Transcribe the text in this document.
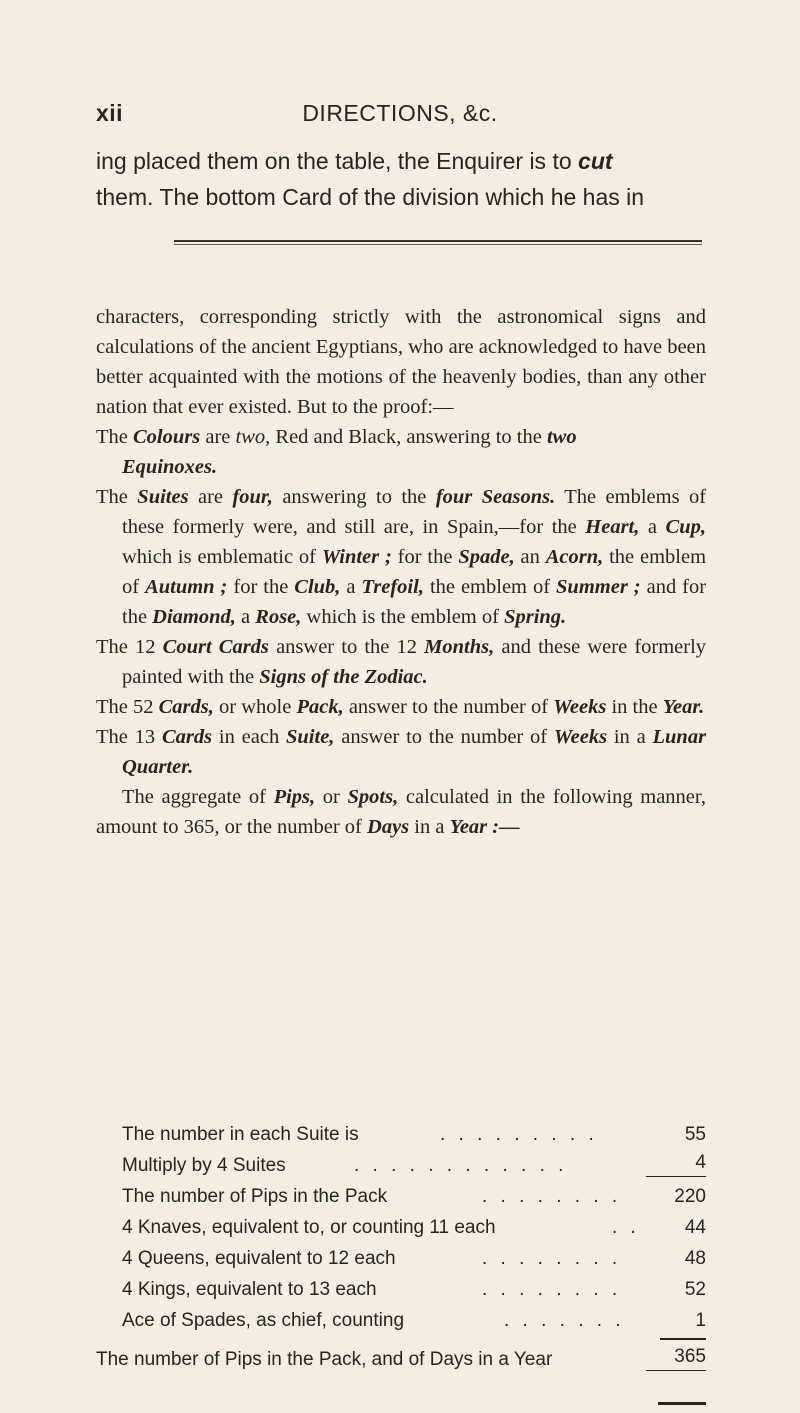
xii	DIRECTIONS, &c.

ing placed them on the table, the Enquirer is to cut

them. The bottom Card of the division which he has in

characters, corresponding strictly with the astronomical signs and calculations of the ancient Egyptians, who are acknowledged to have been better acquainted with the motions of the heavenly bodies, than any other nation that ever existed. But to the proof:—

The Colours are two, Red and Black, answering to the two
Equinoxes.

The Suites are four, answering to the four Seasons. The emblems of these formerly were, and still are, in Spain,—for the Heart, a Cup, which is emblematic of Winter ; for the Spade, an Acorn, the emblem of Autumn ; for the Club, a Trefoil, the emblem of Summer ; and for the Diamond, a Rose, which is the emblem of Spring.

The 12 Court Cards answer to the 12 Months, and these were formerly painted with the Signs of the Zodiac.

The 52 Cards, or whole Pack, answer to the number of Weeks in the Year.

The 13 Cards in each Suite, answer to the number of Weeks in a Lunar Quarter.

The aggregate of Pips, or Spots, calculated in the following manner, amount to 365, or the number of Days in a Year :—

The number in each Suite is	. . . . . . . . .	55
Multiply by 4 Suites	. . . . . . . . . . . .	4
The number of Pips in the Pack	. . . . . . . .	220
4 Knaves, equivalent to, or counting 11 each	. .	44
4 Queens, equivalent to 12 each	. . . . . . . .	48
4 Kings, equivalent to 13 each	. . . . . . . .	52
Ace of Spades, as chief, counting	. . . . . . .	1
The number of Pips in the Pack, and of Days in a Year	365
